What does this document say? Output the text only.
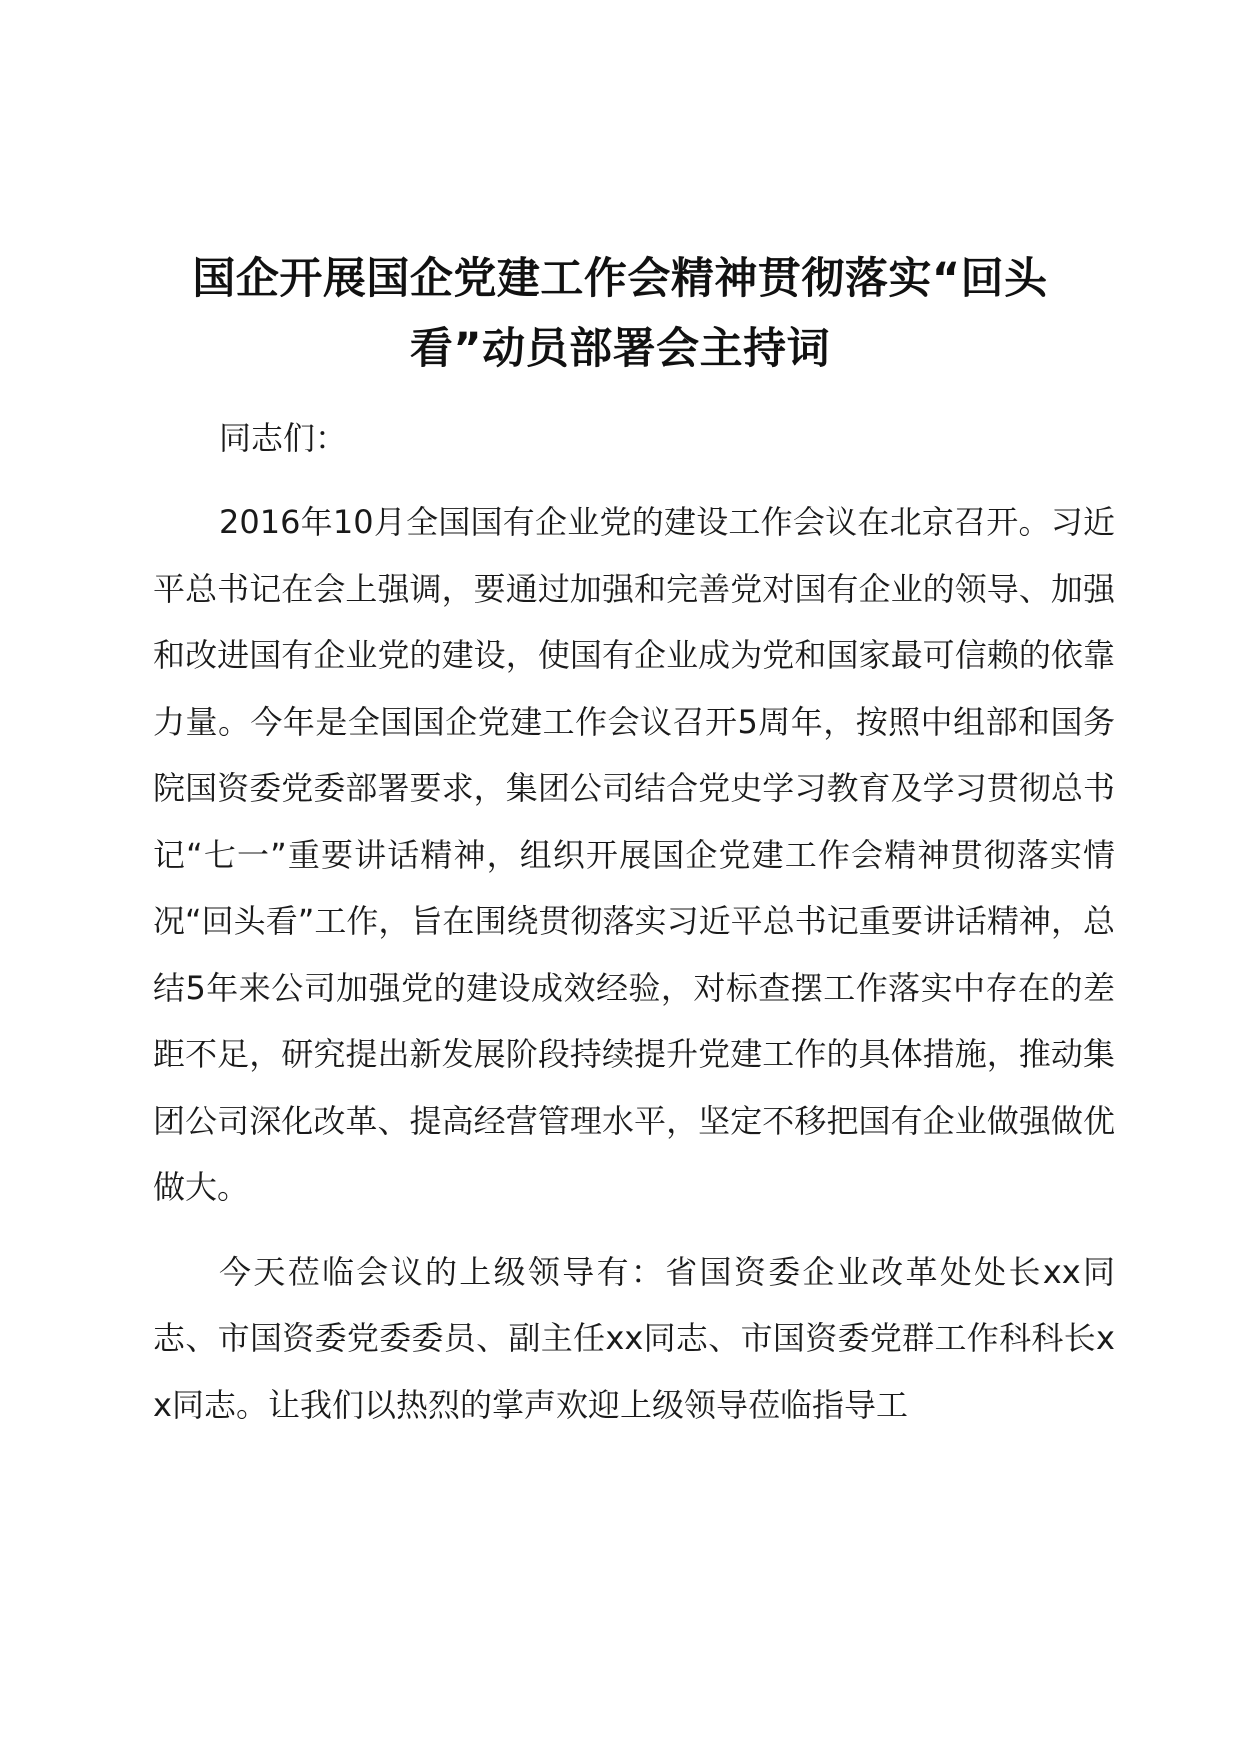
国企开展国企党建工作会精神贯彻落实“回头看”动员部署会主持词

同志们：

2016年10月全国国有企业党的建设工作会议在北京召开。习近平总书记在会上强调，要通过加强和完善党对国有企业的领导、加强和改进国有企业党的建设，使国有企业成为党和国家最可信赖的依靠力量。今年是全国国企党建工作会议召开5周年，按照中组部和国务院国资委党委部署要求，集团公司结合党史学习教育及学习贯彻总书记“七一”重要讲话精神，组织开展国企党建工作会精神贯彻落实情况“回头看”工作，旨在围绕贯彻落实习近平总书记重要讲话精神，总结5年来公司加强党的建设成效经验，对标查摆工作落实中存在的差距不足，研究提出新发展阶段持续提升党建工作的具体措施，推动集团公司深化改革、提高经营管理水平，坚定不移把国有企业做强做优做大。

今天莅临会议的上级领导有：省国资委企业改革处处长xx同志、市国资委党委委员、副主任xx同志、市国资委党群工作科科长xx同志。让我们以热烈的掌声欢迎上级领导莅临指导工
